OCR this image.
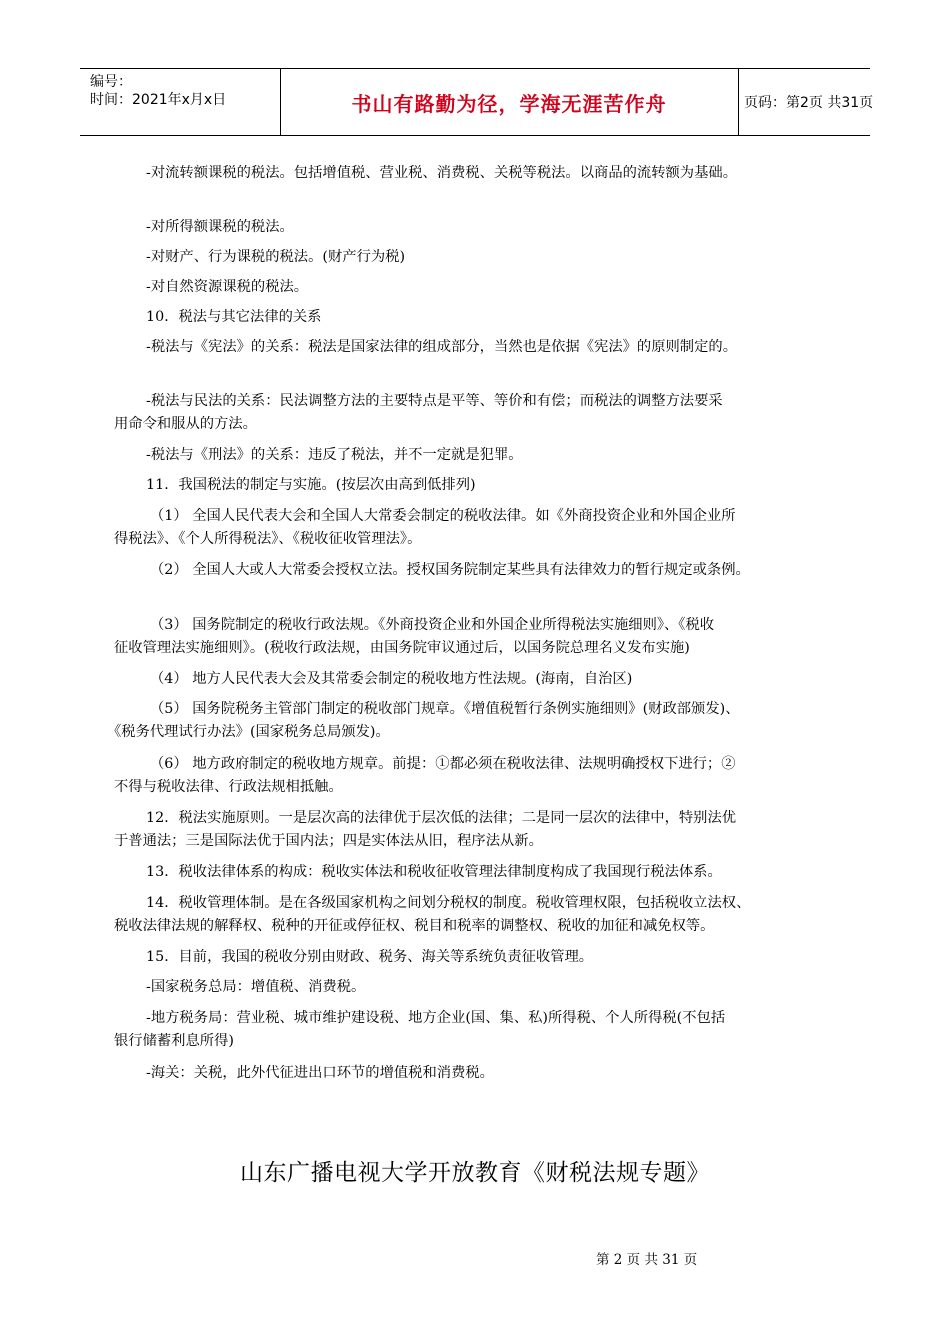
编号：
时间：2021年x月x日	书山有路勤为径，学海无涯苦作舟	页码：第2页 共31页
-对流转额课税的税法。包括增值税、营业税、消费税、关税等税法。以商品的流转额为基础。
-对所得额课税的税法。
-对财产、行为课税的税法。(财产行为税)
-对自然资源课税的税法。
10．税法与其它法律的关系
-税法与《宪法》的关系：税法是国家法律的组成部分，当然也是依据《宪法》的原则制定的。
-税法与民法的关系：民法调整方法的主要特点是平等、等价和有偿；而税法的调整方法要采
用命令和服从的方法。
-税法与《刑法》的关系：违反了税法，并不一定就是犯罪。
11．我国税法的制定与实施。(按层次由高到低排列)
（1） 全国人民代表大会和全国人大常委会制定的税收法律。如《外商投资企业和外国企业所
得税法》、《个人所得税法》、《税收征收管理法》。
（2） 全国人大或人大常委会授权立法。授权国务院制定某些具有法律效力的暂行规定或条例。
（3） 国务院制定的税收行政法规。《外商投资企业和外国企业所得税法实施细则》、《税收
征收管理法实施细则》。(税收行政法规，由国务院审议通过后，以国务院总理名义发布实施)
（4） 地方人民代表大会及其常委会制定的税收地方性法规。(海南，自治区)
（5） 国务院税务主管部门制定的税收部门规章。《增值税暂行条例实施细则》(财政部颁发)、
《税务代理试行办法》(国家税务总局颁发)。
（6） 地方政府制定的税收地方规章。前提：①都必须在税收法律、法规明确授权下进行；②
不得与税收法律、行政法规相抵触。
12．税法实施原则。一是层次高的法律优于层次低的法律；二是同一层次的法律中，特别法优
于普通法；三是国际法优于国内法；四是实体法从旧，程序法从新。
13．税收法律体系的构成：税收实体法和税收征收管理法律制度构成了我国现行税法体系。
14．税收管理体制。是在各级国家机构之间划分税权的制度。税收管理权限，包括税收立法权、
税收法律法规的解释权、税种的开征或停征权、税目和税率的调整权、税收的加征和减免权等。
15．目前，我国的税收分别由财政、税务、海关等系统负责征收管理。
-国家税务总局：增值税、消费税。
-地方税务局：营业税、城市维护建设税、地方企业(国、集、私)所得税、个人所得税(不包括
银行储蓄利息所得)
-海关：关税，此外代征进出口环节的增值税和消费税。
山东广播电视大学开放教育《财税法规专题》
第 2 页 共 31 页
